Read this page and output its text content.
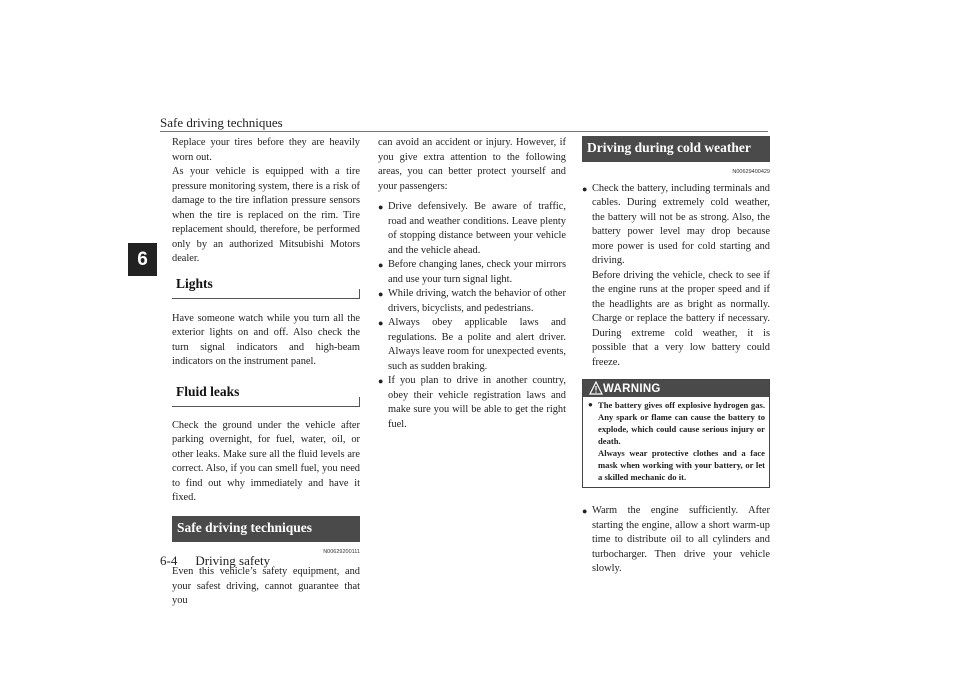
Safe driving techniques
6

Replace your tires before they are heavily worn out.
As your vehicle is equipped with a tire pressure monitoring system, there is a risk of damage to the tire inflation pressure sensors when the tire is replaced on the rim. Tire replacement should, therefore, be performed only by an authorized Mitsubishi Motors dealer.

Lights

Have someone watch while you turn all the exterior lights on and off. Also check the turn signal indicators and high-beam indicators on the instrument panel.

Fluid leaks

Check the ground under the vehicle after parking overnight, for fuel, water, oil, or other leaks. Make sure all the fluid levels are correct. Also, if you can smell fuel, you need to find out why immediately and have it fixed.

Safe driving techniques
N00629200111

Even this vehicle’s safety equipment, and your safest driving, cannot guarantee that you

can avoid an accident or injury. However, if you give extra attention to the following areas, you can better protect yourself and your passengers:

● Drive defensively. Be aware of traffic, road and weather conditions. Leave plenty of stopping distance between your vehicle and the vehicle ahead.
● Before changing lanes, check your mirrors and use your turn signal light.
● While driving, watch the behavior of other drivers, bicyclists, and pedestrians.
● Always obey applicable laws and regulations. Be a polite and alert driver. Always leave room for unexpected events, such as sudden braking.
● If you plan to drive in another country, obey their vehicle registration laws and make sure you will be able to get the right fuel.
Driving during cold weather
N00629400429
● Check the battery, including terminals and cables. During extremely cold weather, the battery will not be as strong. Also, the battery power level may drop because more power is used for cold starting and driving.
Before driving the vehicle, check to see if the engine runs at the proper speed and if the headlights are as bright as normally. Charge or replace the battery if necessary. During extreme cold weather, it is possible that a very low battery could freeze.
WARNING
● The battery gives off explosive hydrogen gas. Any spark or flame can cause the battery to explode, which could cause serious injury or death.
Always wear protective clothes and a face mask when working with your battery, or let a skilled mechanic do it.
● Warm the engine sufficiently. After starting the engine, allow a short warm-up time to distribute oil to all cylinders and turbocharger. Then drive your vehicle slowly.
6-4 Driving safety
